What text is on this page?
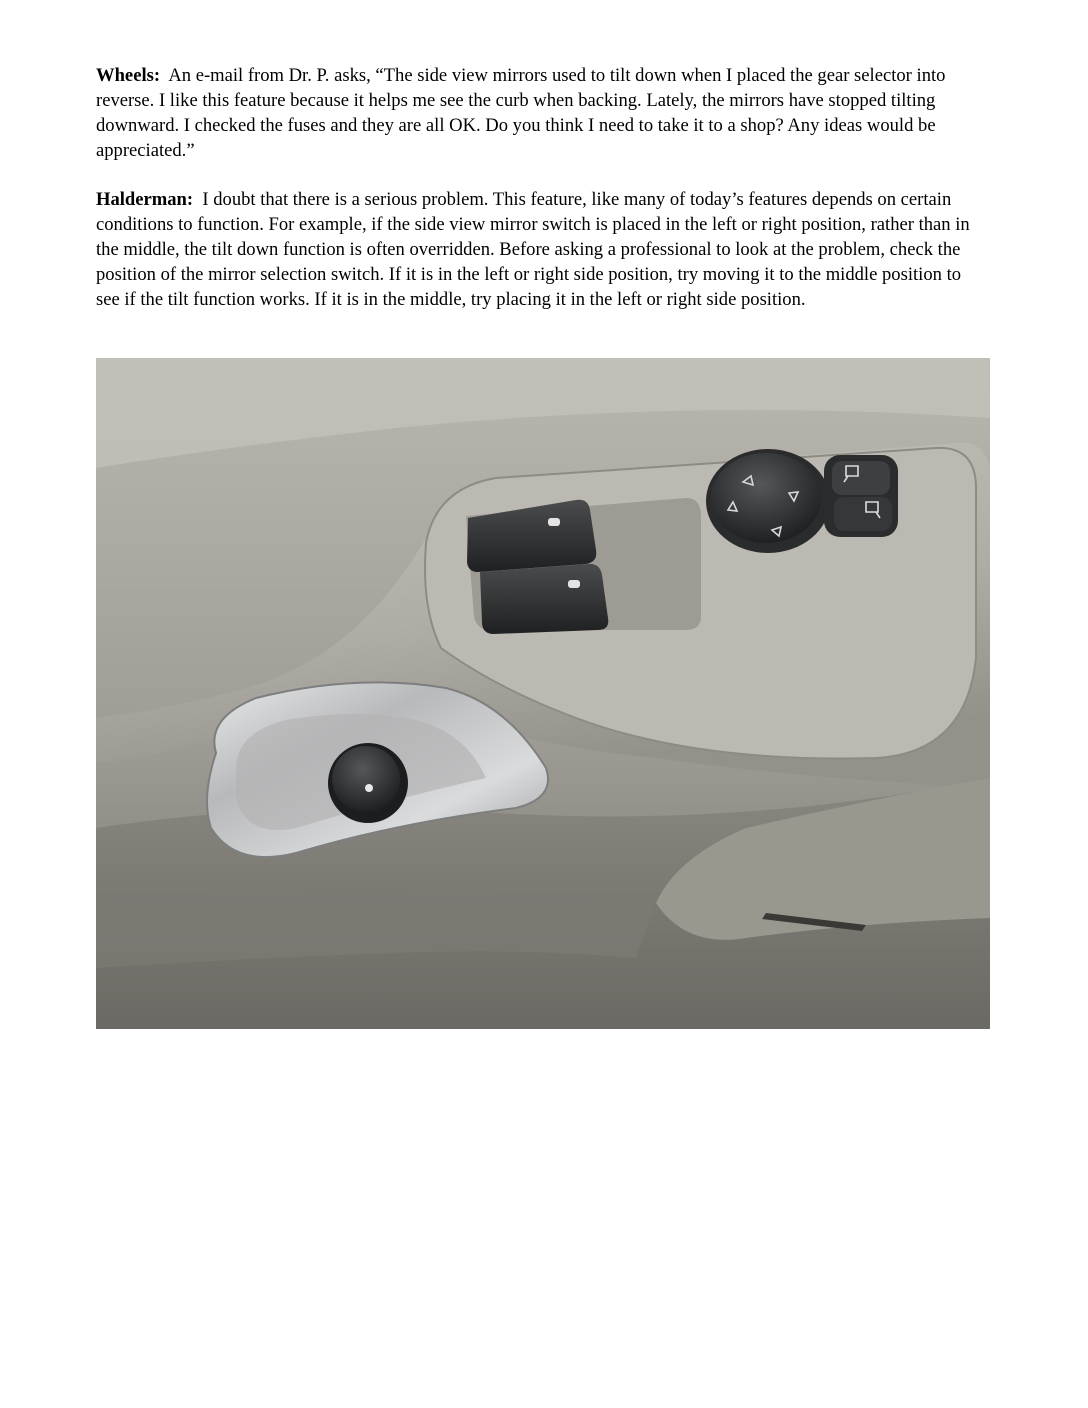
Wheels: An e-mail from Dr. P. asks, “The side view mirrors used to tilt down when I placed the gear selector into reverse. I like this feature because it helps me see the curb when backing. Lately, the mirrors have stopped tilting downward. I checked the fuses and they are all OK. Do you think I need to take it to a shop? Any ideas would be appreciated.”

Halderman: I doubt that there is a serious problem. This feature, like many of today’s features depends on certain conditions to function. For example, if the side view mirror switch is placed in the left or right position, rather than in the middle, the tilt down function is often overridden. Before asking a professional to look at the problem, check the position of the mirror selection switch. If it is in the left or right side position, try moving it to the middle position to see if the tilt function works. If it is in the middle, try placing it in the left or right side position.
